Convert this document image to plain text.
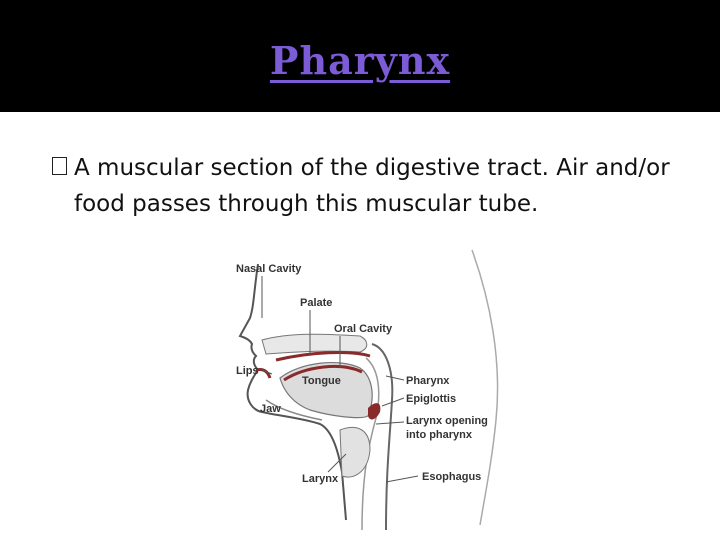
Pharynx
A muscular section of the digestive tract. Air and/or food passes through this muscular tube.
Nasal Cavity
Palate
Oral Cavity
Lips
Tongue
Jaw
Pharynx
Epiglottis
Larynx opening
into pharynx
Larynx	Esophagus
